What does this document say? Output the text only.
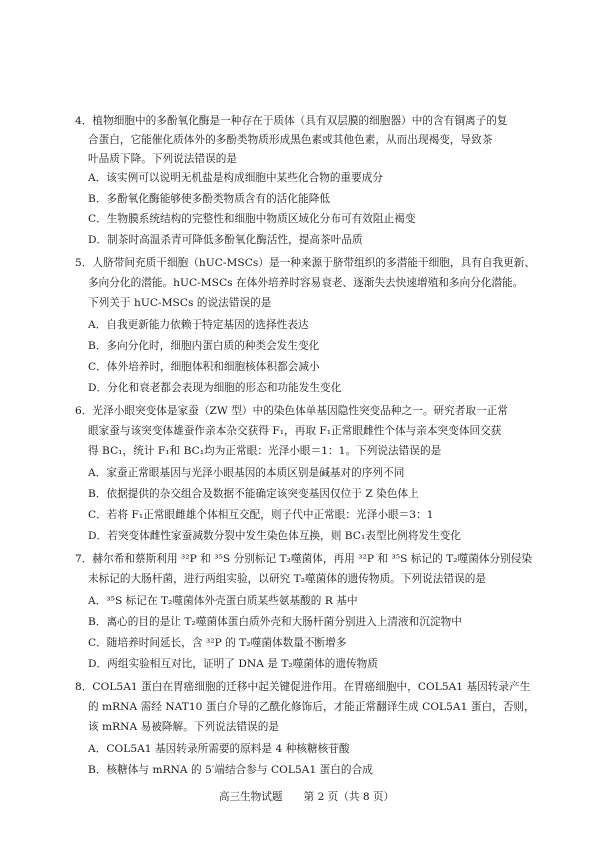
4．植物细胞中的多酚氧化酶是一种存在于质体（具有双层膜的细胞器）中的含有铜离子的复
合蛋白，它能催化质体外的多酚类物质形成黑色素或其他色素，从而出现褐变，导致茶
叶品质下降。下列说法错误的是
A．该实例可以说明无机盐是构成细胞中某些化合物的重要成分
B．多酚氧化酶能够使多酚类物质含有的活化能降低
C．生物膜系统结构的完整性和细胞中物质区域化分布可有效阻止褐变
D．制茶时高温杀青可降低多酚氧化酶活性，提高茶叶品质
5．人脐带间充质干细胞（hUC-MSCs）是一种来源于脐带组织的多潜能干细胞，具有自我更新、
多向分化的潜能。hUC-MSCs 在体外培养时容易衰老、逐渐失去快速增殖和多向分化潜能。
下列关于 hUC-MSCs 的说法错误的是
A．自我更新能力依赖于特定基因的选择性表达
B．多向分化时，细胞内蛋白质的种类会发生变化
C．体外培养时，细胞体积和细胞核体积都会减小
D．分化和衰老都会表现为细胞的形态和功能发生变化
6．光泽小眼突变体是家蚕（ZW 型）中的染色体单基因隐性突变品种之一。研究者取一正常
眼家蚕与该突变体雄蚕作亲本杂交获得 F₁，再取 F₁正常眼雌性个体与亲本突变体回交获
得 BC₁，统计 F₁和 BC₁均为正常眼：光泽小眼＝1：1。下列说法错误的是
A．家蚕正常眼基因与光泽小眼基因的本质区别是碱基对的序列不同
B．依据提供的杂交组合及数据不能确定该突变基因仅位于 Z 染色体上
C．若将 F₁正常眼雌雄个体相互交配，则子代中正常眼：光泽小眼＝3：1
D．若突变体雌性家蚕减数分裂中发生染色体互换，则 BC₁表型比例将发生变化
7．赫尔希和蔡斯利用 ³²P 和 ³⁵S 分别标记 T₂噬菌体，再用 ³²P 和 ³⁵S 标记的 T₂噬菌体分别侵染
未标记的大肠杆菌，进行两组实验，以研究 T₂噬菌体的遗传物质。下列说法错误的是
A．³⁵S 标记在 T₂噬菌体外壳蛋白质某些氨基酸的 R 基中
B．离心的目的是让 T₂噬菌体蛋白质外壳和大肠杆菌分别进入上清液和沉淀物中
C．随培养时间延长，含 ³²P 的 T₂噬菌体数量不断增多
D．两组实验相互对比，证明了 DNA 是 T₂噬菌体的遗传物质
8．COL5A1 蛋白在胃癌细胞的迁移中起关键促进作用。在胃癌细胞中，COL5A1 基因转录产生
的 mRNA 需经 NAT10 蛋白介导的乙酰化修饰后，才能正常翻译生成 COL5A1 蛋白，否则，
该 mRNA 易被降解。下列说法错误的是
A．COL5A1 基因转录所需要的原料是 4 种核糖核苷酸
B．核糖体与 mRNA 的 5′端结合参与 COL5A1 蛋白的合成
高三生物试题　　第 2 页（共 8 页）
